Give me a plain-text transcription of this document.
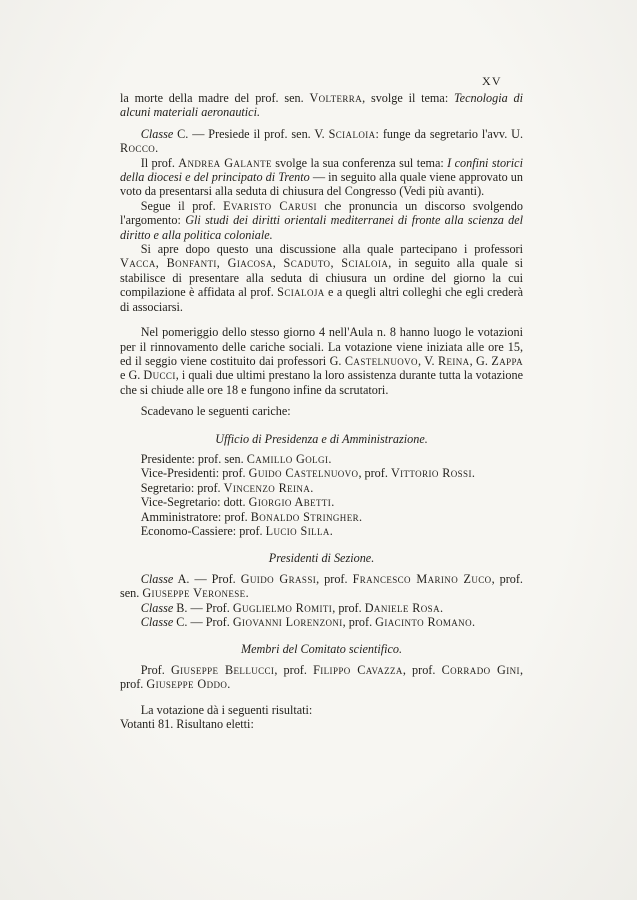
XV

la morte della madre del prof. sen. Volterra, svolge il tema: Tecnologia di alcuni materiali aeronautici.

Classe C. — Presiede il prof. sen. V. Scialoia: funge da segretario l'avv. U. Rocco.

Il prof. Andrea Galante svolge la sua conferenza sul tema: I confini storici della diocesi e del principato di Trento — in seguito alla quale viene approvato un voto da presentarsi alla seduta di chiusura del Congresso (Vedi più avanti).

Segue il prof. Evaristo Carusi che pronuncia un discorso svolgendo l'argomento: Gli studi dei diritti orientali mediterranei di fronte alla scienza del diritto e alla politica coloniale.

Si apre dopo questo una discussione alla quale partecipano i professori Vacca, Bonfanti, Giacosa, Scaduto, Scialoia, in seguito alla quale si stabilisce di presentare alla seduta di chiusura un ordine del giorno la cui compilazione è affidata al prof. Scialoja e a quegli altri colleghi che egli crederà di associarsi.

Nel pomeriggio dello stesso giorno 4 nell'Aula n. 8 hanno luogo le votazioni per il rinnovamento delle cariche sociali. La votazione viene iniziata alle ore 15, ed il seggio viene costituito dai professori G. Castelnuovo, V. Reina, G. Zappa e G. Ducci, i quali due ultimi prestano la loro assistenza durante tutta la votazione che si chiude alle ore 18 e fungono infine da scrutatori.

Scadevano le seguenti cariche:

Ufficio di Presidenza e di Amministrazione.

Presidente: prof. sen. Camillo Golgi.

Vice-Presidenti: prof. Guido Castelnuovo, prof. Vittorio Rossi.

Segretario: prof. Vincenzo Reina.

Vice-Segretario: dott. Giorgio Abetti.

Amministratore: prof. Bonaldo Stringher.

Economo-Cassiere: prof. Lucio Silla.

Presidenti di Sezione.

Classe A. — Prof. Guido Grassi, prof. Francesco Marino Zuco, prof. sen. Giuseppe Veronese.

Classe B. — Prof. Guglielmo Romiti, prof. Daniele Rosa.

Classe C. — Prof. Giovanni Lorenzoni, prof. Giacinto Romano.

Membri del Comitato scientifico.

Prof. Giuseppe Bellucci, prof. Filippo Cavazza, prof. Corrado Gini, prof. Giuseppe Oddo.

La votazione dà i seguenti risultati:

Votanti 81. Risultano eletti:
